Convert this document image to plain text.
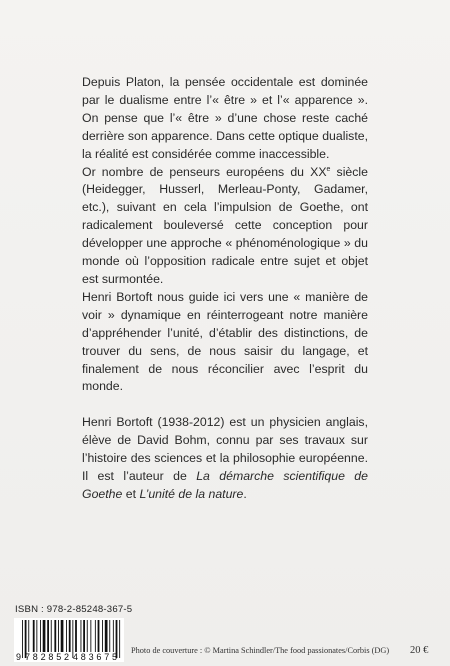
Depuis Platon, la pensée occidentale est dominée par le dualisme entre l’« être » et l’« apparence ». On pense que l’« être » d’une chose reste caché derrière son apparence. Dans cette optique dualiste, la réalité est considérée comme inaccessible.

Or nombre de penseurs européens du XXe siècle (Heidegger, Husserl, Merleau-Ponty, Gadamer, etc.), suivant en cela l’impulsion de Goethe, ont radicalement bouleversé cette conception pour développer une approche « phénoménologique » du monde où l’opposition radicale entre sujet et objet est surmontée.

Henri Bortoft nous guide ici vers une « manière de voir » dynamique en réinterrogeant notre manière d’appréhender l’unité, d’établir des distinctions, de trouver du sens, de nous saisir du langage, et finalement de nous réconcilier avec l’esprit du monde.

Henri Bortoft (1938-2012) est un physicien anglais, élève de David Bohm, connu par ses travaux sur l’histoire des sciences et la philosophie européenne. Il est l’auteur de La démarche scientifique de Goethe et L’unité de la nature.

ISBN : 978-2-85248-367-5
9 782852 483675
Photo de couverture : © Martina Schindler/The food passionates/Corbis (DG) 20 €
